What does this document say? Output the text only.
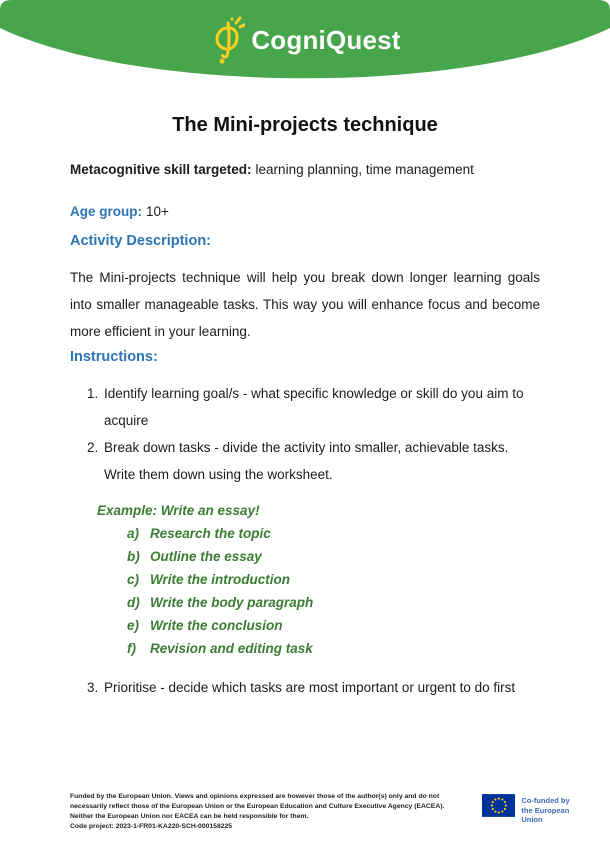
CogniQuest
The Mini-projects technique

Metacognitive skill targeted: learning planning, time management

Age group: 10+

Activity Description:

The Mini-projects technique will help you break down longer learning goals into smaller manageable tasks. This way you will enhance focus and become more efficient in your learning.

Instructions:
1. Identify learning goal/s - what specific knowledge or skill do you aim to acquire
2. Break down tasks - divide the activity into smaller, achievable tasks. Write them down using the worksheet.

Example: Write an essay!

a) Research the topic
b) Outline the essay
c) Write the introduction
d) Write the body paragraph
e) Write the conclusion
f)	Revision and editing task
3. Prioritise - decide which tasks are most important or urgent to do first
Funded by the European Union. Views and opinions expressed are however those of the author(s) only and do not
necessarily reflect those of the European Union or the European Education and Culture Executive Agency (EACEA).
Neither the European Union nor EACEA can be held responsible for them.
Code project: 2023-1-FR01-KA220-SCH-000158225
Co-funded by
the European Union
